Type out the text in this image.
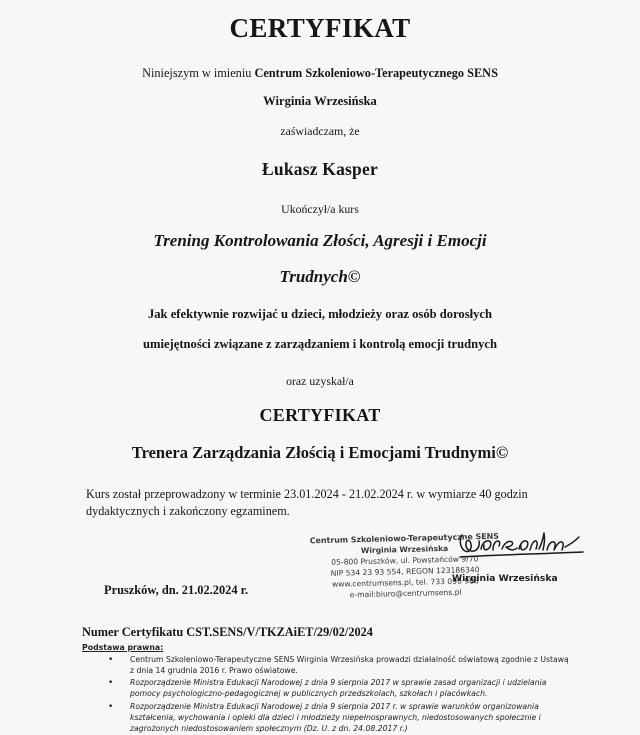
CERTYFIKAT
Niniejszym w imieniu Centrum Szkoleniowo-Terapeutycznego SENS
Wirginia Wrzesińska
zaświadczam, że
Łukasz Kasper
Ukończył/a kurs
Trening Kontrolowania Złości, Agresji i Emocji
Trudnych©
Jak efektywnie rozwijać u dzieci, młodzieży oraz osób dorosłych
umiejętności związane z zarządzaniem i kontrolą emocji trudnych
oraz uzyskał/a
CERTYFIKAT
Trenera Zarządzania Złością i Emocjami Trudnymi©
Kurs został przeprowadzony w terminie 23.01.2024 - 21.02.2024 r. w wymiarze 40 godzin dydaktycznych i zakończony egzaminem.
Centrum Szkoleniowo-Terapeutyczne SENS
Wirginia Wrzesińska
05-800 Pruszków, ul. Powstańców 9/70
NIP 534 23 93 554, REGON 123186340
www.centrumsens.pl, tel. 733 090 988
e-mail:biuro@centrumsens.pl
Wirginia Wrzesińska
Pruszków, dn. 21.02.2024 r.
Numer Certyfikatu CST.SENS/V/TKZAiET/29/02/2024
Podstawa prawna:
• Centrum Szkoleniowo-Terapeutyczne SENS Wirginia Wrzesińska prowadzi działalność oświatową zgodnie z Ustawą z dnia 14 grudnia 2016 r. Prawo oświatowe.
• Rozporządzenie Ministra Edukacji Narodowej z dnia 9 sierpnia 2017 w sprawie zasad organizacji i udzielania pomocy psychologiczno-pedagogicznej w publicznych przedszkolach, szkołach i placówkach.
• Rozporządzenie Ministra Edukacji Narodowej z dnia 9 sierpnia 2017 r. w sprawie warunków organizowania kształcenia, wychowania i opieki dla dzieci i młodzieży niepełnosprawnych, niedostosowanych społecznie i zagrożonych niedostosowaniem społecznym (Dz. U. z dn. 24.08.2017 r.)
